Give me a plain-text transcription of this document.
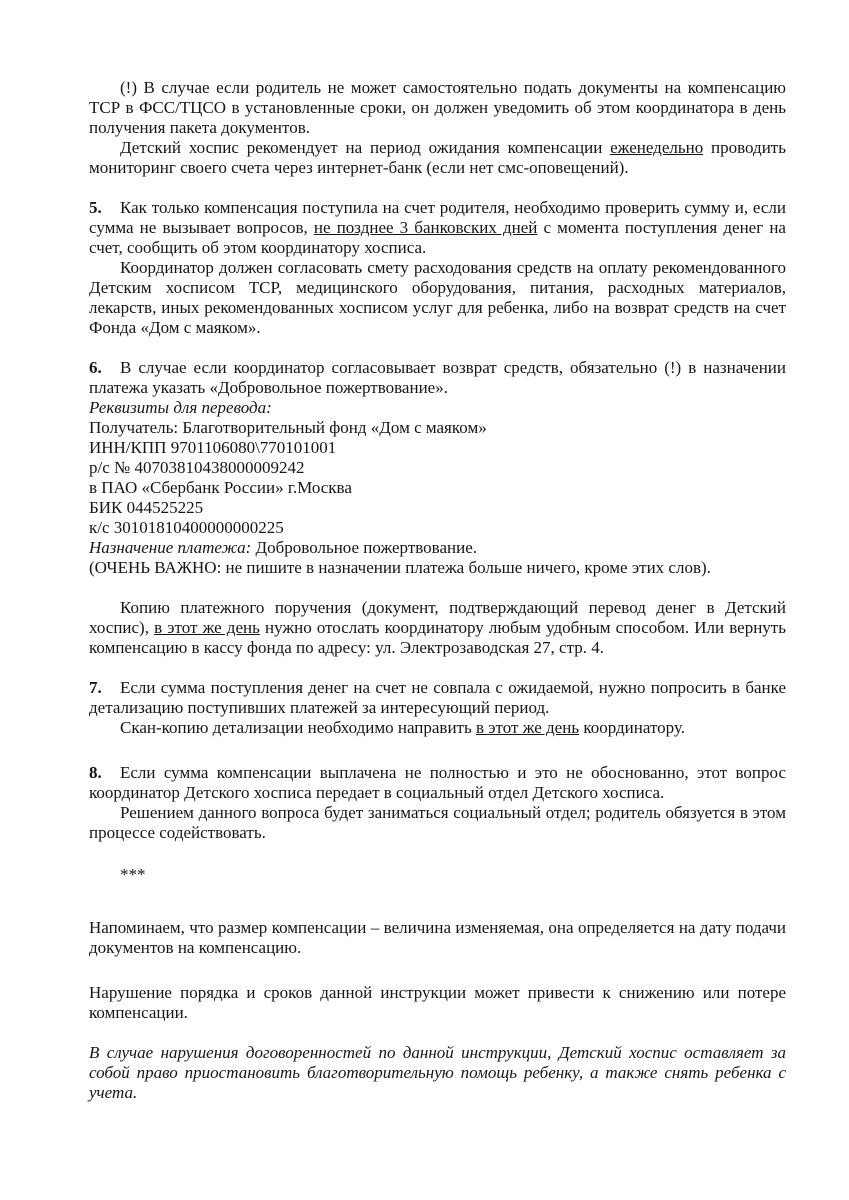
(!) В случае если родитель не может самостоятельно подать документы на компенсацию ТСР в ФСС/ТЦСО в установленные сроки, он должен уведомить об этом координатора в день получения пакета документов.

Детский хоспис рекомендует на период ожидания компенсации еженедельно проводить мониторинг своего счета через интернет-банк (если нет смс-оповещений).

5. Как только компенсация поступила на счет родителя, необходимо проверить сумму и, если сумма не вызывает вопросов, не позднее 3 банковских дней с момента поступления денег на счет, сообщить об этом координатору хосписа.

Координатор должен согласовать смету расходования средств на оплату рекомендованного Детским хосписом ТСР, медицинского оборудования, питания, расходных материалов, лекарств, иных рекомендованных хосписом услуг для ребенка, либо на возврат средств на счет Фонда «Дом с маяком».

6. В случае если координатор согласовывает возврат средств, обязательно (!) в назначении платежа указать «Добровольное пожертвование».

Реквизиты для перевода:

Получатель: Благотворительный фонд «Дом с маяком»

ИНН/КПП 9701106080\770101001

р/с № 40703810438000009242

в ПАО «Сбербанк России» г.Москва

БИК 044525225

к/с 30101810400000000225

Назначение платежа: Добровольное пожертвование.

(ОЧЕНЬ ВАЖНО: не пишите в назначении платежа больше ничего, кроме этих слов).

Копию платежного поручения (документ, подтверждающий перевод денег в Детский хоспис), в этот же день нужно отослать координатору любым удобным способом. Или вернуть компенсацию в кассу фонда по адресу: ул. Электрозаводская 27, стр. 4.

7. Если сумма поступления денег на счет не совпала с ожидаемой, нужно попросить в банке детализацию поступивших платежей за интересующий период.

Скан-копию детализации необходимо направить в этот же день координатору.

8. Если сумма компенсации выплачена не полностью и это не обоснованно, этот вопрос координатор Детского хосписа передает в социальный отдел Детского хосписа.

Решением данного вопроса будет заниматься социальный отдел; родитель обязуется в этом процессе содействовать.

***

Напоминаем, что размер компенсации – величина изменяемая, она определяется на дату подачи документов на компенсацию.

Нарушение порядка и сроков данной инструкции может привести к снижению или потере компенсации.

В случае нарушения договоренностей по данной инструкции, Детский хоспис оставляет за собой право приостановить благотворительную помощь ребенку, а также снять ребенка с учета.
